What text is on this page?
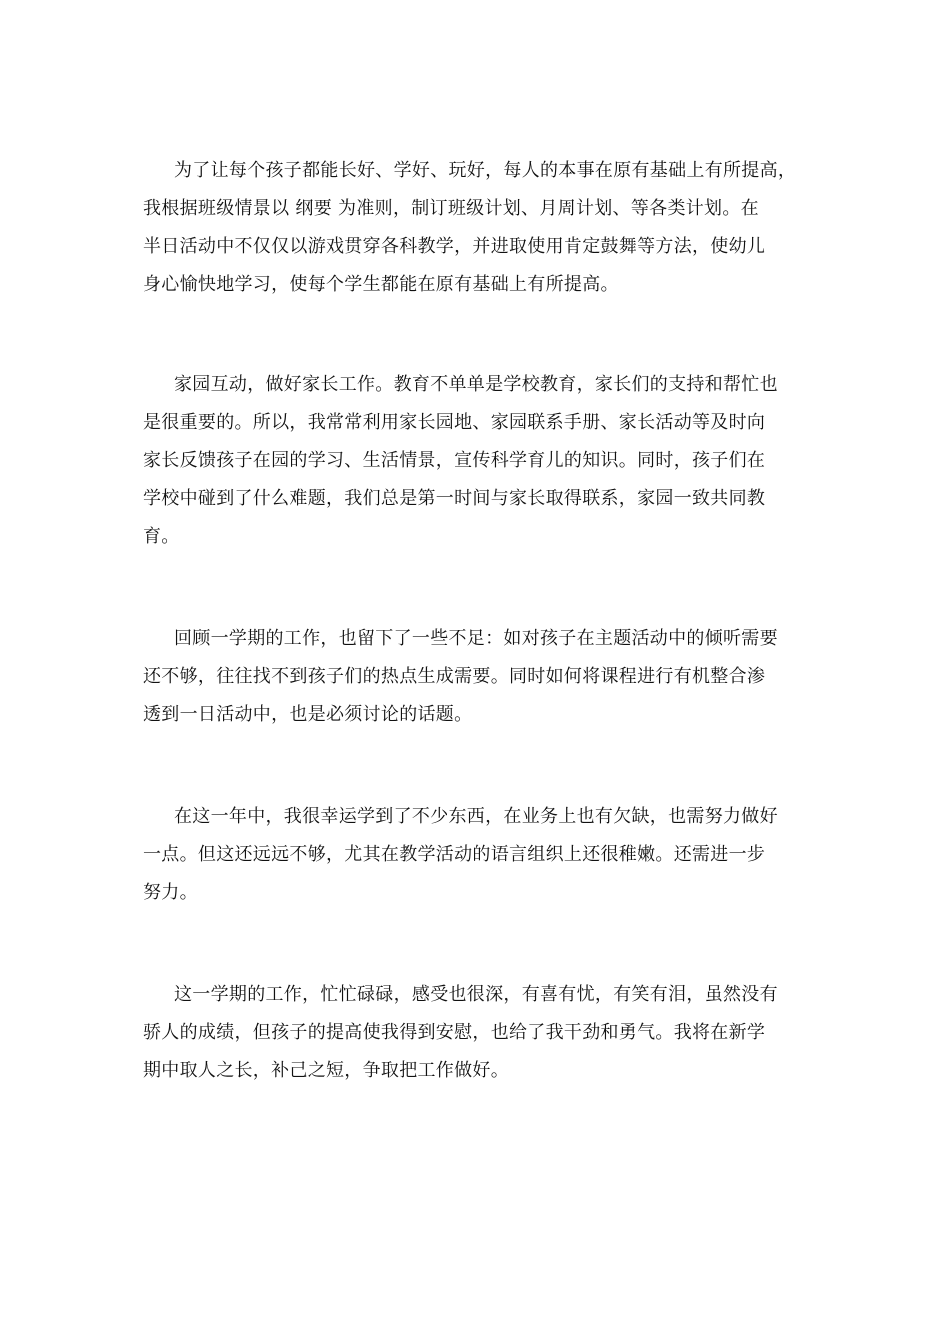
为了让每个孩子都能长好、学好、玩好，每人的本事在原有基础上有所提高，
我根据班级情景以 纲要 为准则，制订班级计划、月周计划、等各类计划。在
半日活动中不仅仅以游戏贯穿各科教学，并进取使用肯定鼓舞等方法，使幼儿
身心愉快地学习，使每个学生都能在原有基础上有所提高。
家园互动，做好家长工作。教育不单单是学校教育，家长们的支持和帮忙也
是很重要的。所以，我常常利用家长园地、家园联系手册、家长活动等及时向
家长反馈孩子在园的学习、生活情景，宣传科学育儿的知识。同时，孩子们在
学校中碰到了什么难题，我们总是第一时间与家长取得联系，家园一致共同教
育。
回顾一学期的工作，也留下了一些不足：如对孩子在主题活动中的倾听需要
还不够，往往找不到孩子们的热点生成需要。同时如何将课程进行有机整合渗
透到一日活动中，也是必须讨论的话题。
在这一年中，我很幸运学到了不少东西，在业务上也有欠缺，也需努力做好
一点。但这还远远不够，尤其在教学活动的语言组织上还很稚嫩。还需进一步
努力。
这一学期的工作，忙忙碌碌，感受也很深，有喜有忧，有笑有泪，虽然没有
骄人的成绩，但孩子的提高使我得到安慰，也给了我干劲和勇气。我将在新学
期中取人之长，补己之短，争取把工作做好。
